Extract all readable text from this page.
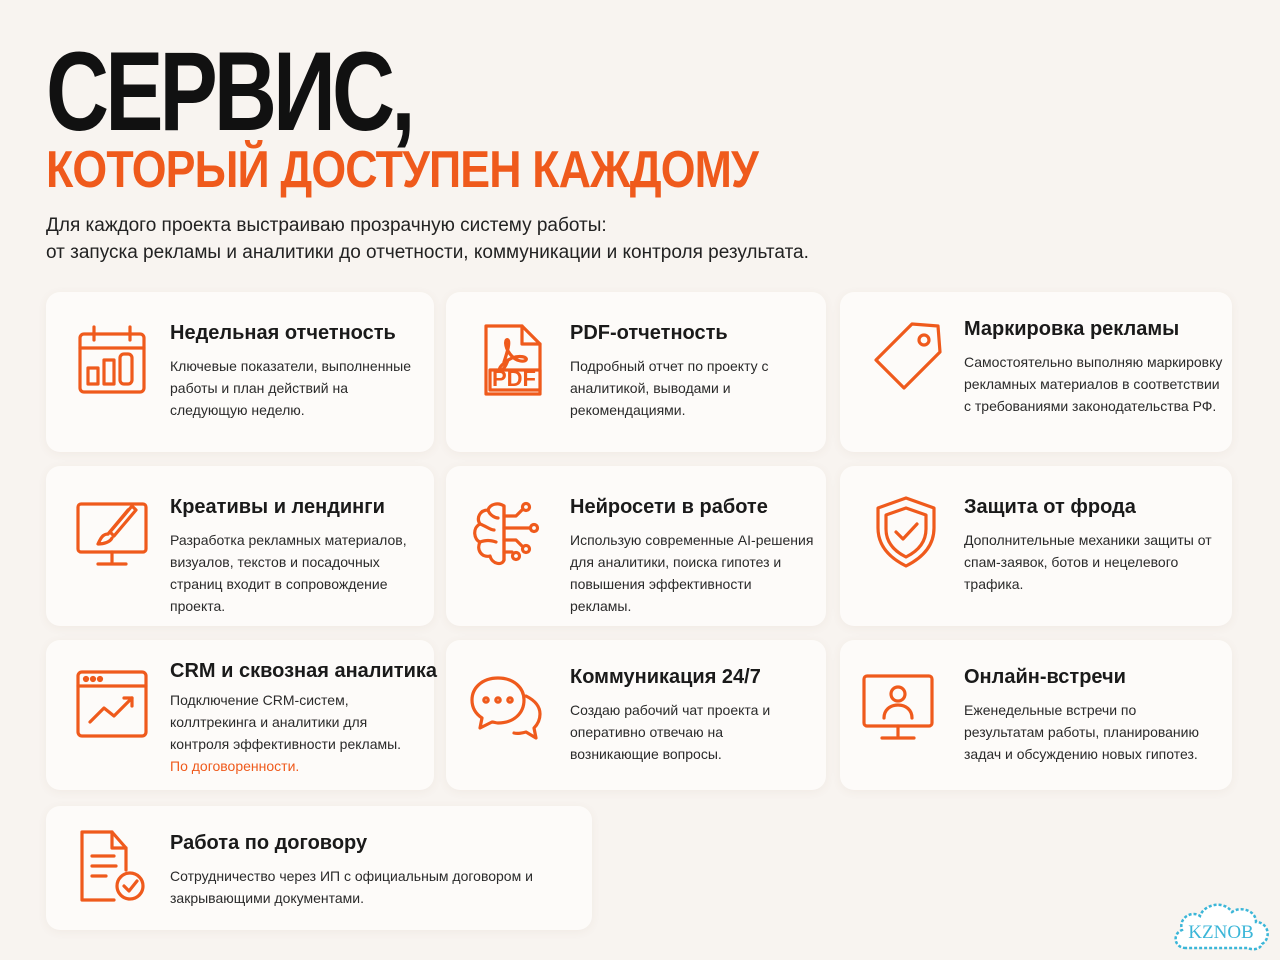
СЕРВИС,
КОТОРЫЙ ДОСТУПЕН КАЖДОМУ
Для каждого проекта выстраиваю прозрачную систему работы:
от запуска рекламы и аналитики до отчетности, коммуникации и контроля результата.
Недельная отчетность

Ключевые показатели, выполненные работы и план действий на следующую неделю.

PDF
PDF-отчетность

Подробный отчет по проекту с аналитикой, выводами и рекомендациями.

Маркировка рекламы

Самостоятельно выполняю маркировку рекламных материалов в соответствии с требованиями законодательства РФ.

Креативы и лендинги

Разработка рекламных материалов, визуалов, текстов и посадочных страниц входит в сопровождение проекта.

Нейросети в работе

Использую современные AI-решения для аналитики, поиска гипотез и повышения эффективности рекламы.

Защита от фрода

Дополнительные механики защиты от спам-заявок, ботов и нецелевого трафика.

CRM и сквозная аналитика

Подключение CRM-систем, коллтрекинга и аналитики для контроля эффективности рекламы.
По договоренности.

Коммуникация 24/7

Создаю рабочий чат проекта и оперативно отвечаю на возникающие вопросы.

Онлайн-встречи

Еженедельные встречи по результатам работы, планированию задач и обсуждению новых гипотез.

Работа по договору

Сотрудничество через ИП с официальным договором и закрывающими документами.

KZNOB
